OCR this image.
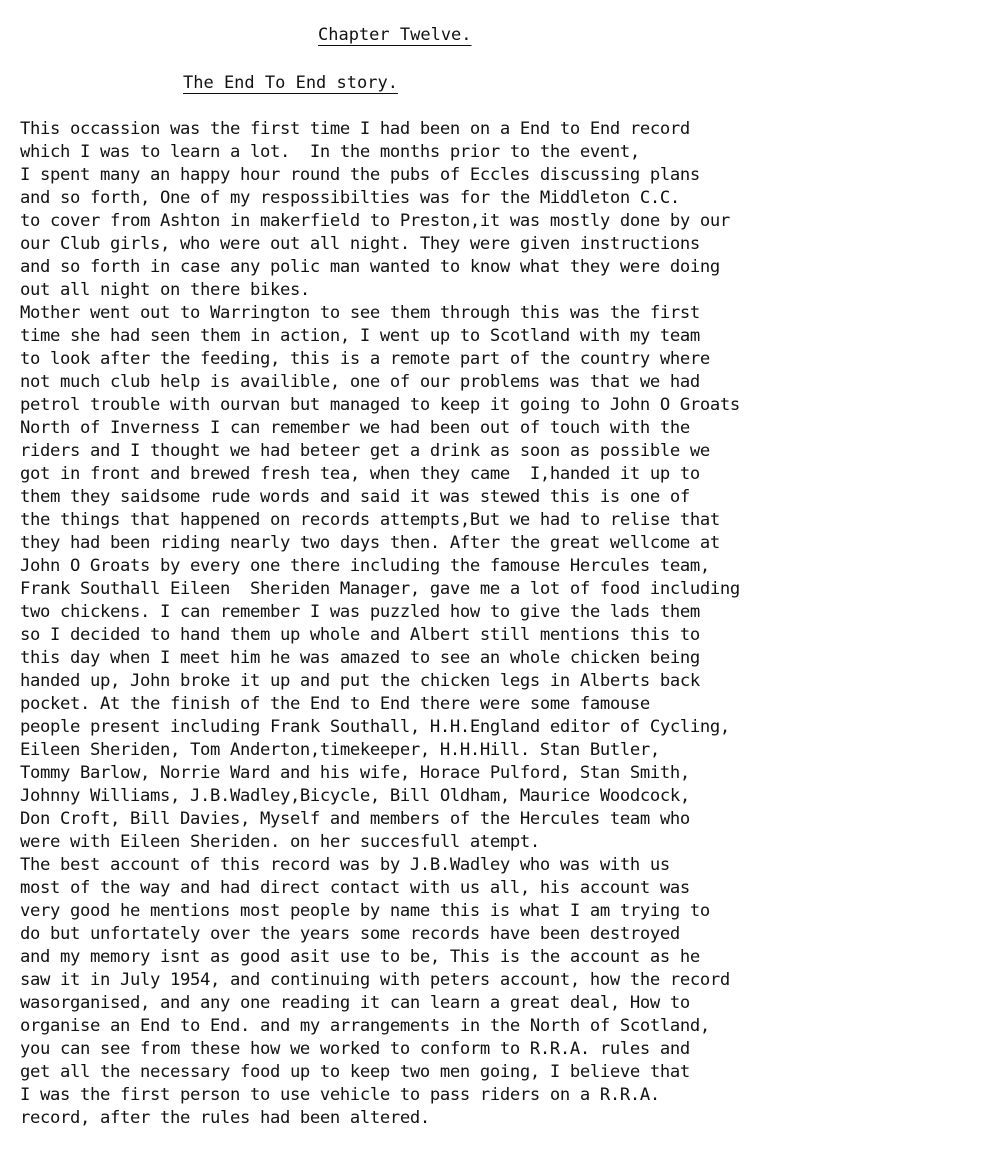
Chapter Twelve.
The End To End story.
This occassion was the first time I had been on a End to End record
which I was to learn a lot.  In the months prior to the event,
I spent many an happy hour round the pubs of Eccles discussing plans
and so forth, One of my respossibilties was for the Middleton C.C.
to cover from Ashton in makerfield to Preston,it was mostly done by our
our Club girls, who were out all night. They were given instructions
and so forth in case any polic man wanted to know what they were doing
out all night on there bikes.
Mother went out to Warrington to see them through this was the first
time she had seen them in action, I went up to Scotland with my team
to look after the feeding, this is a remote part of the country where
not much club help is availible, one of our problems was that we had
petrol trouble with ourvan but managed to keep it going to John O Groats
North of Inverness I can remember we had been out of touch with the
riders and I thought we had beteer get a drink as soon as possible we
got in front and brewed fresh tea, when they came  I,handed it up to
them they saidsome rude words and said it was stewed this is one of
the things that happened on records attempts,But we had to relise that
they had been riding nearly two days then. After the great wellcome at
John O Groats by every one there including the famouse Hercules team,
Frank Southall Eileen  Sheriden Manager, gave me a lot of food including
two chickens. I can remember I was puzzled how to give the lads them
so I decided to hand them up whole and Albert still mentions this to
this day when I meet him he was amazed to see an whole chicken being
handed up, John broke it up and put the chicken legs in Alberts back
pocket. At the finish of the End to End there were some famouse
people present including Frank Southall, H.H.England editor of Cycling,
Eileen Sheriden, Tom Anderton,timekeeper, H.H.Hill. Stan Butler,
Tommy Barlow, Norrie Ward and his wife, Horace Pulford, Stan Smith,
Johnny Williams, J.B.Wadley,Bicycle, Bill Oldham, Maurice Woodcock,
Don Croft, Bill Davies, Myself and members of the Hercules team who
were with Eileen Sheriden. on her succesfull atempt.
The best account of this record was by J.B.Wadley who was with us
most of the way and had direct contact with us all, his account was
very good he mentions most people by name this is what I am trying to
do but unfortately over the years some records have been destroyed
and my memory isnt as good asit use to be, This is the account as he
saw it in July 1954, and continuing with peters account, how the record
wasorganised, and any one reading it can learn a great deal, How to
organise an End to End. and my arrangements in the North of Scotland,
you can see from these how we worked to conform to R.R.A. rules and
get all the necessary food up to keep two men going, I believe that
I was the first person to use vehicle to pass riders on a R.R.A.
record, after the rules had been altered.
